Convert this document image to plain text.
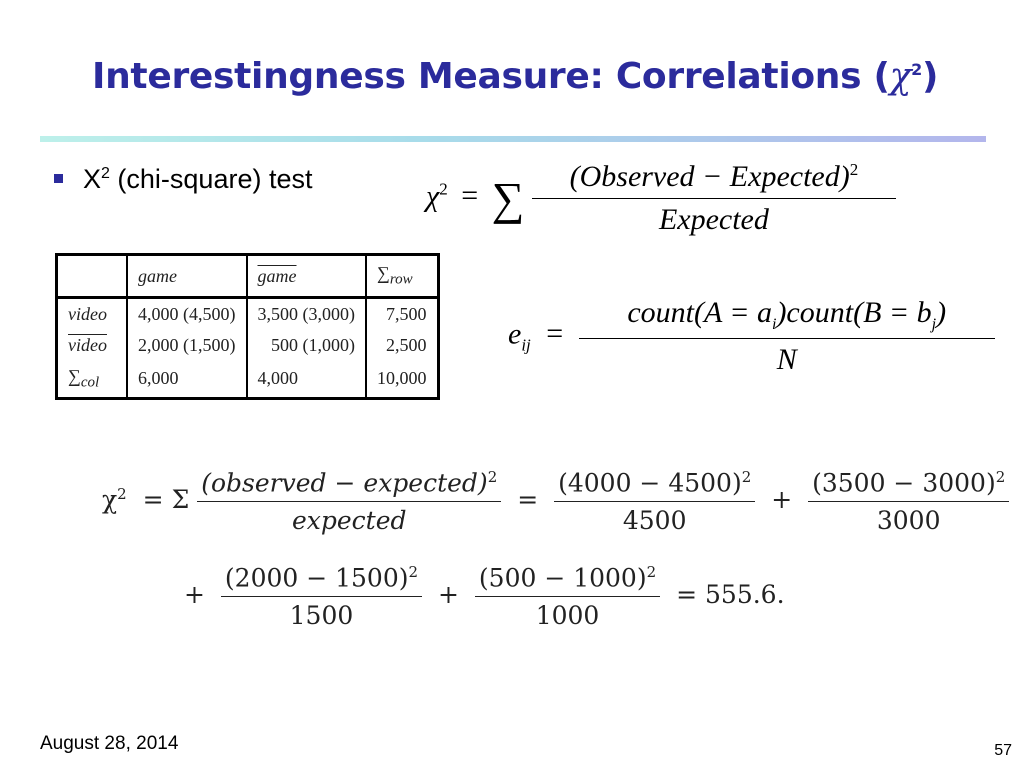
Interestingness Measure: Correlations $(\chi^2)$
$X^2$ (chi-square) test
$\chi^2$ = ∑ $\frac{(Observed - Expected)^2}{\text{Expected}}$
$e_{ij} = \frac{count(A = a_i)count(B = b_j)}{N}$
	game	game	$\sum_{row}$
video	4,000 (4,500)	3,500 (3,000)	7,500
video	2,000 (1,500)	500 (1,000)	2,500
$\sum_{col}$	6,000	4,000	10,000
$\chi^2 = \Sigma \frac{(observed - expected)^2}{\text{expected}} = \frac{(4000 - 4500)^2}{4500} + \frac{(3500 - 3000)^2}{3000}$
+ $\frac{(2000 - 1500)^2}{1500} + \frac{(500 - 1000)^2}{1000} = 555.6$.
August 28, 2014	57
